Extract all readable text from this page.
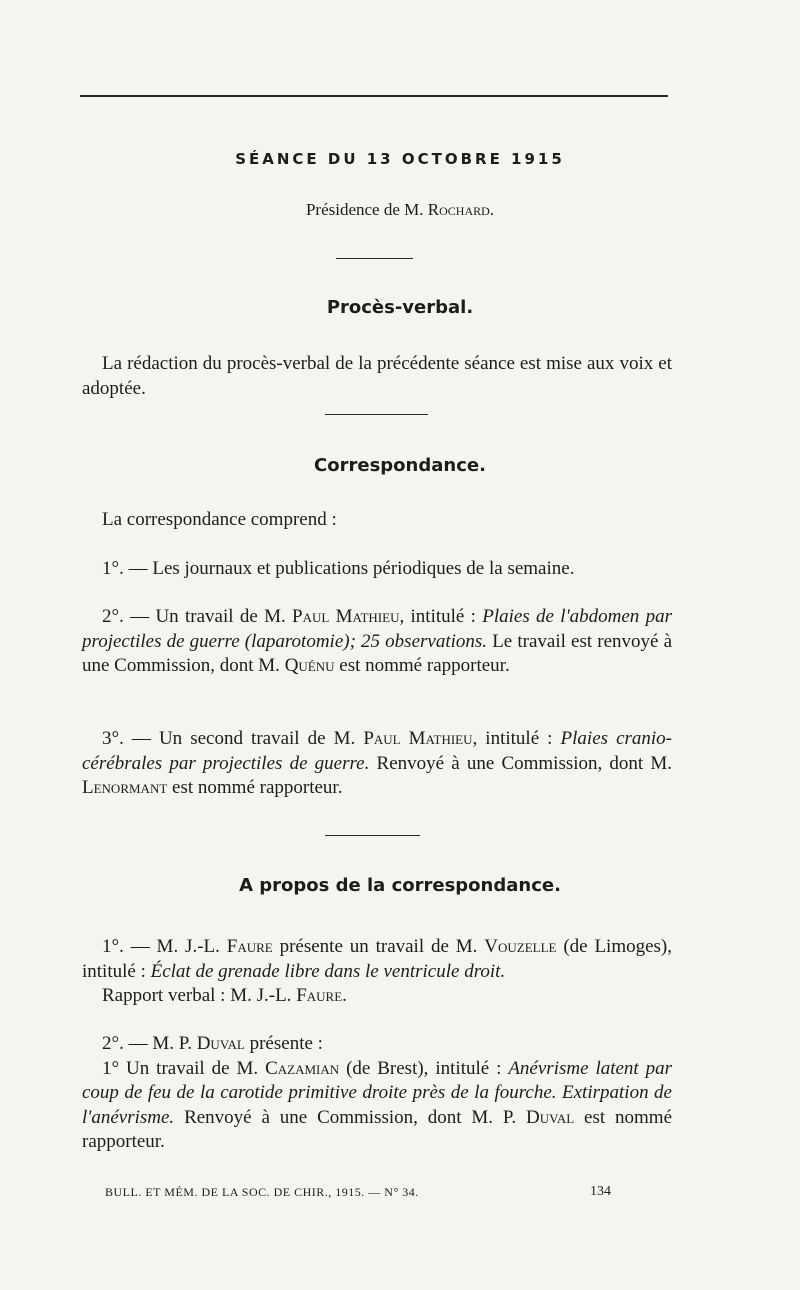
SÉANCE DU 13 OCTOBRE 1915
Présidence de M. Rochard.
Procès-verbal.
La rédaction du procès-verbal de la précédente séance est mise aux voix et adoptée.
Correspondance.
La correspondance comprend :
1°. — Les journaux et publications périodiques de la semaine.
2°. — Un travail de M. Paul Mathieu, intitulé : Plaies de l'abdomen par projectiles de guerre (laparotomie); 25 observations. Le travail est renvoyé à une Commission, dont M. Quénu est nommé rapporteur.
3°. — Un second travail de M. Paul Mathieu, intitulé : Plaies cranio-cérébrales par projectiles de guerre. Renvoyé à une Commission, dont M. Lenormant est nommé rapporteur.
A propos de la correspondance.
1°. — M. J.-L. Faure présente un travail de M. Vouzelle (de Limoges), intitulé : Éclat de grenade libre dans le ventricule droit.
Rapport verbal : M. J.-L. Faure.
2°. — M. P. Duval présente :
1° Un travail de M. Cazamian (de Brest), intitulé : Anévrisme latent par coup de feu de la carotide primitive droite près de la fourche. Extirpation de l'anévrisme. Renvoyé à une Commission, dont M. P. Duval est nommé rapporteur.
BULL. ET MÉM. DE LA SOC. DE CHIR., 1915. — N° 34.	134
